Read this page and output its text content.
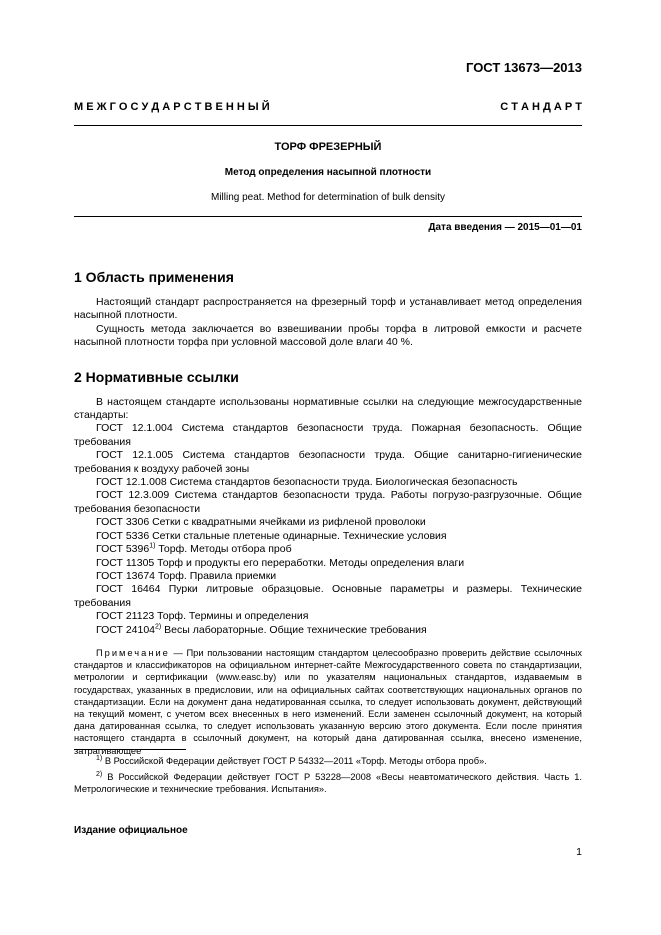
ГОСТ 13673—2013
М Е Ж Г О С У Д А Р С Т В Е Н Н Ы Й	С Т А Н Д А Р Т
ТОРФ ФРЕЗЕРНЫЙ
Метод определения насыпной плотности
Milling peat. Method for determination of bulk density
Дата введения — 2015—01—01
1 Область применения

Настоящий стандарт распространяется на фрезерный торф и устанавливает метод определения насыпной плотности.

Сущность метода заключается во взвешивании пробы торфа в литровой емкости и расчете насыпной плотности торфа при условной массовой доле влаги 40 %.

2 Нормативные ссылки

В настоящем стандарте использованы нормативные ссылки на следующие межгосударственные стандарты:

ГОСТ 12.1.004 Система стандартов безопасности труда. Пожарная безопасность. Общие требования

ГОСТ 12.1.005 Система стандартов безопасности труда. Общие санитарно-гигиенические требования к воздуху рабочей зоны

ГОСТ 12.1.008 Система стандартов безопасности труда. Биологическая безопасность

ГОСТ 12.3.009 Система стандартов безопасности труда. Работы погрузо-разгрузочные. Общие требования безопасности

ГОСТ 3306 Сетки с квадратными ячейками из рифленой проволоки

ГОСТ 5336 Сетки стальные плетеные одинарные. Технические условия

ГОСТ 5396$^{1)}$ Торф. Методы отбора проб

ГОСТ 11305 Торф и продукты его переработки. Методы определения влаги

ГОСТ 13674 Торф. Правила приемки

ГОСТ 16464 Пурки литровые образцовые. Основные параметры и размеры. Технические требования

ГОСТ 21123 Торф. Термины и определения

ГОСТ 24104$^{2)}$ Весы лабораторные. Общие технические требования

Примечание — При пользовании настоящим стандартом целесообразно проверить действие ссылочных стандартов и классификаторов на официальном интернет-сайте Межгосударственного совета по стандартизации, метрологии и сертификации (www.easc.by) или по указателям национальных стандартов, издаваемым в государствах, указанных в предисловии, или на официальных сайтах соответствующих национальных органов по стандартизации. Если на документ дана недатированная ссылка, то следует использовать документ, действующий на текущий момент, с учетом всех внесенных в него изменений. Если заменен ссылочный документ, на который дана датированная ссылка, то следует использовать указанную версию этого документа. Если после принятия настоящего стандарта в ссылочный документ, на который дана датированная ссылка, внесено изменение, затрагивающее

$^{1)}$ В Российской Федерации действует ГОСТ Р 54332—2011 «Торф. Методы отбора проб».

$^{2)}$ В Российской Федерации действует ГОСТ Р 53228—2008 «Весы неавтоматического действия. Часть 1. Метрологические и технические требования. Испытания».

Издание официальное
1
